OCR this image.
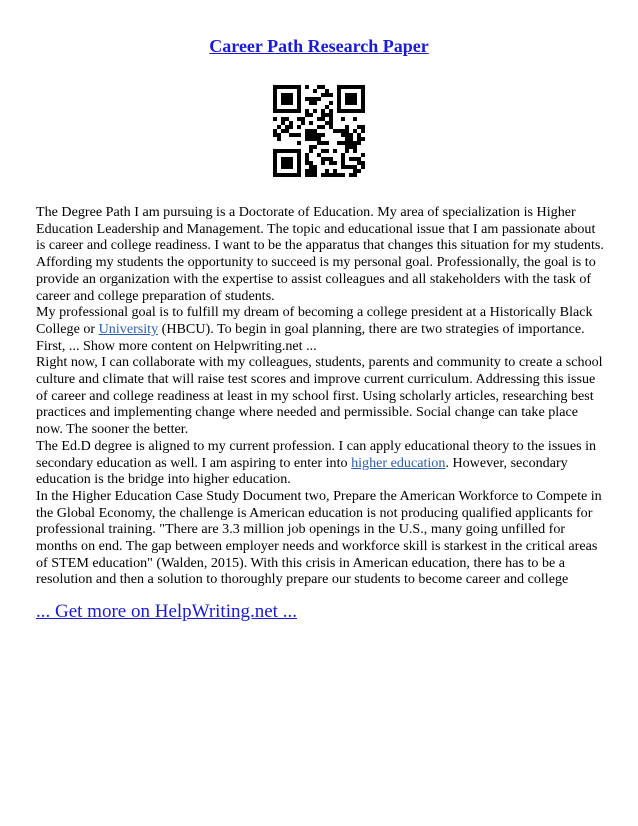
Career Path Research Paper

The Degree Path I am pursuing is a Doctorate of Education. My area of specialization is Higher Education Leadership and Management. The topic and educational issue that I am passionate about is career and college readiness. I want to be the apparatus that changes this situation for my students. Affording my students the opportunity to succeed is my personal goal. Professionally, the goal is to provide an organization with the expertise to assist colleagues and all stakeholders with the task of career and college preparation of students.

My professional goal is to fulfill my dream of becoming a college president at a Historically Black College or University (HBCU). To begin in goal planning, there are two strategies of importance. First, ... Show more content on Helpwriting.net ...

Right now, I can collaborate with my colleagues, students, parents and community to create a school culture and climate that will raise test scores and improve current curriculum. Addressing this issue of career and college readiness at least in my school first. Using scholarly articles, researching best practices and implementing change where needed and permissible. Social change can take place now. The sooner the better.

The Ed.D degree is aligned to my current profession. I can apply educational theory to the issues in secondary education as well. I am aspiring to enter into higher education. However, secondary education is the bridge into higher education.

In the Higher Education Case Study Document two, Prepare the American Workforce to Compete in the Global Economy, the challenge is American education is not producing qualified applicants for professional training. "There are 3.3 million job openings in the U.S., many going unfilled for months on end. The gap between employer needs and workforce skill is starkest in the critical areas of STEM education" (Walden, 2015). With this crisis in American education, there has to be a resolution and then a solution to thoroughly prepare our students to become career and college

... Get more on HelpWriting.net ...
